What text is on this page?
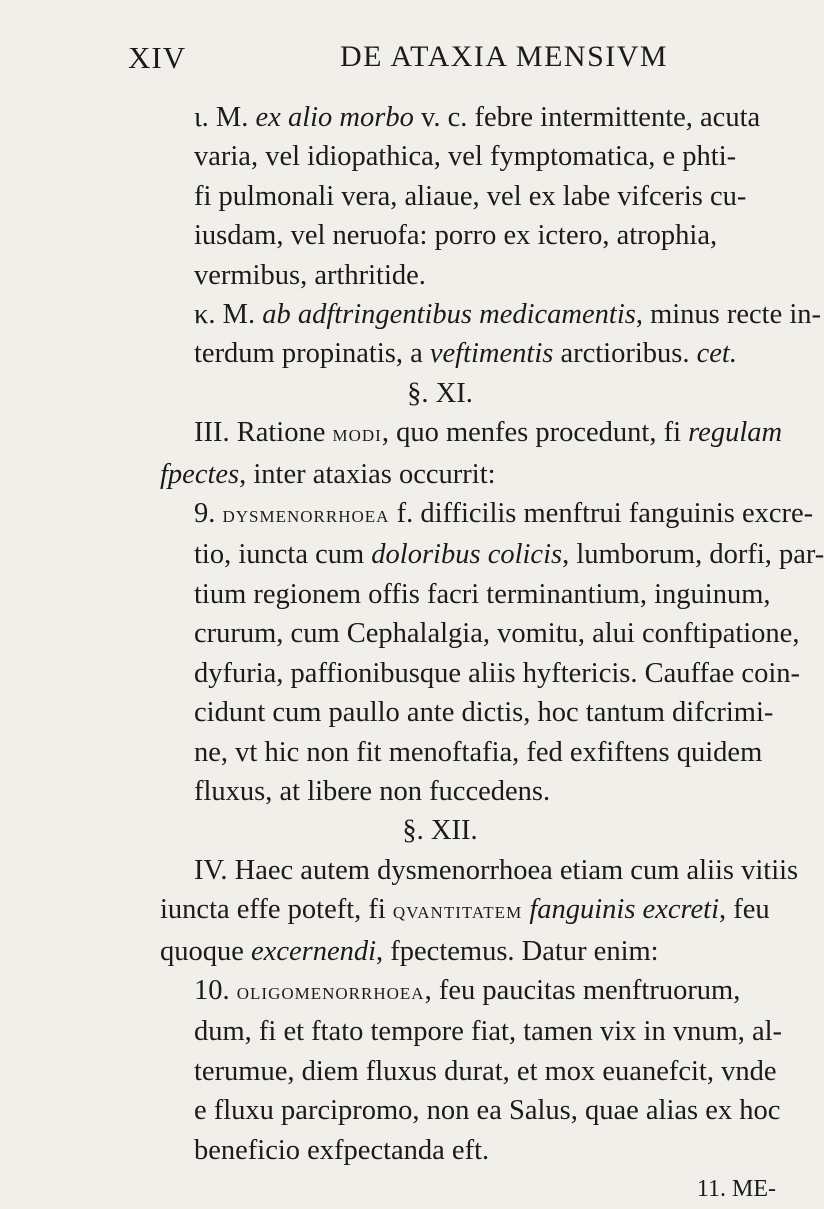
XIV	DE ATAXIA MENSIVM
ι. M. ex alio morbo v. c. febre intermittente, acuta
varia, vel idiopathica, vel fymptomatica, e phti-
fi pulmonali vera, aliaue, vel ex labe vifceris cu-
iusdam, vel neruofa: porro ex ictero, atrophia,
vermibus, arthritide.
κ. M. ab adftringentibus medicamentis, minus recte in-
terdum propinatis, a veftimentis arctioribus. cet.
§. XI.
III. Ratione modi, quo menfes procedunt, fi regulam
fpectes, inter ataxias occurrit:
9. dysmenorrhoea f. difficilis menftrui fanguinis excre-
tio, iuncta cum doloribus colicis, lumborum, dorfi, par-
tium regionem offis facri terminantium, inguinum,
crurum, cum Cephalalgia, vomitu, alui conftipatione,
dyfuria, paffionibusque aliis hyftericis. Cauffae coin-
cidunt cum paullo ante dictis, hoc tantum difcrimi-
ne, vt hic non fit menoftafia, fed exfiftens quidem
fluxus, at libere non fuccedens.
§. XII.
IV. Haec autem dysmenorrhoea etiam cum aliis vitiis
iuncta effe poteft, fi qvantitatem fanguinis excreti, feu
quoque excernendi, fpectemus. Datur enim:
10. oligomenorrhoea, feu paucitas menftruorum,
dum, fi et ftato tempore fiat, tamen vix in vnum, al-
terumue, diem fluxus durat, et mox euanefcit, vnde
e fluxu parcipromo, non ea Salus, quae alias ex hoc
beneficio exfpectanda eft.
11. ME-
